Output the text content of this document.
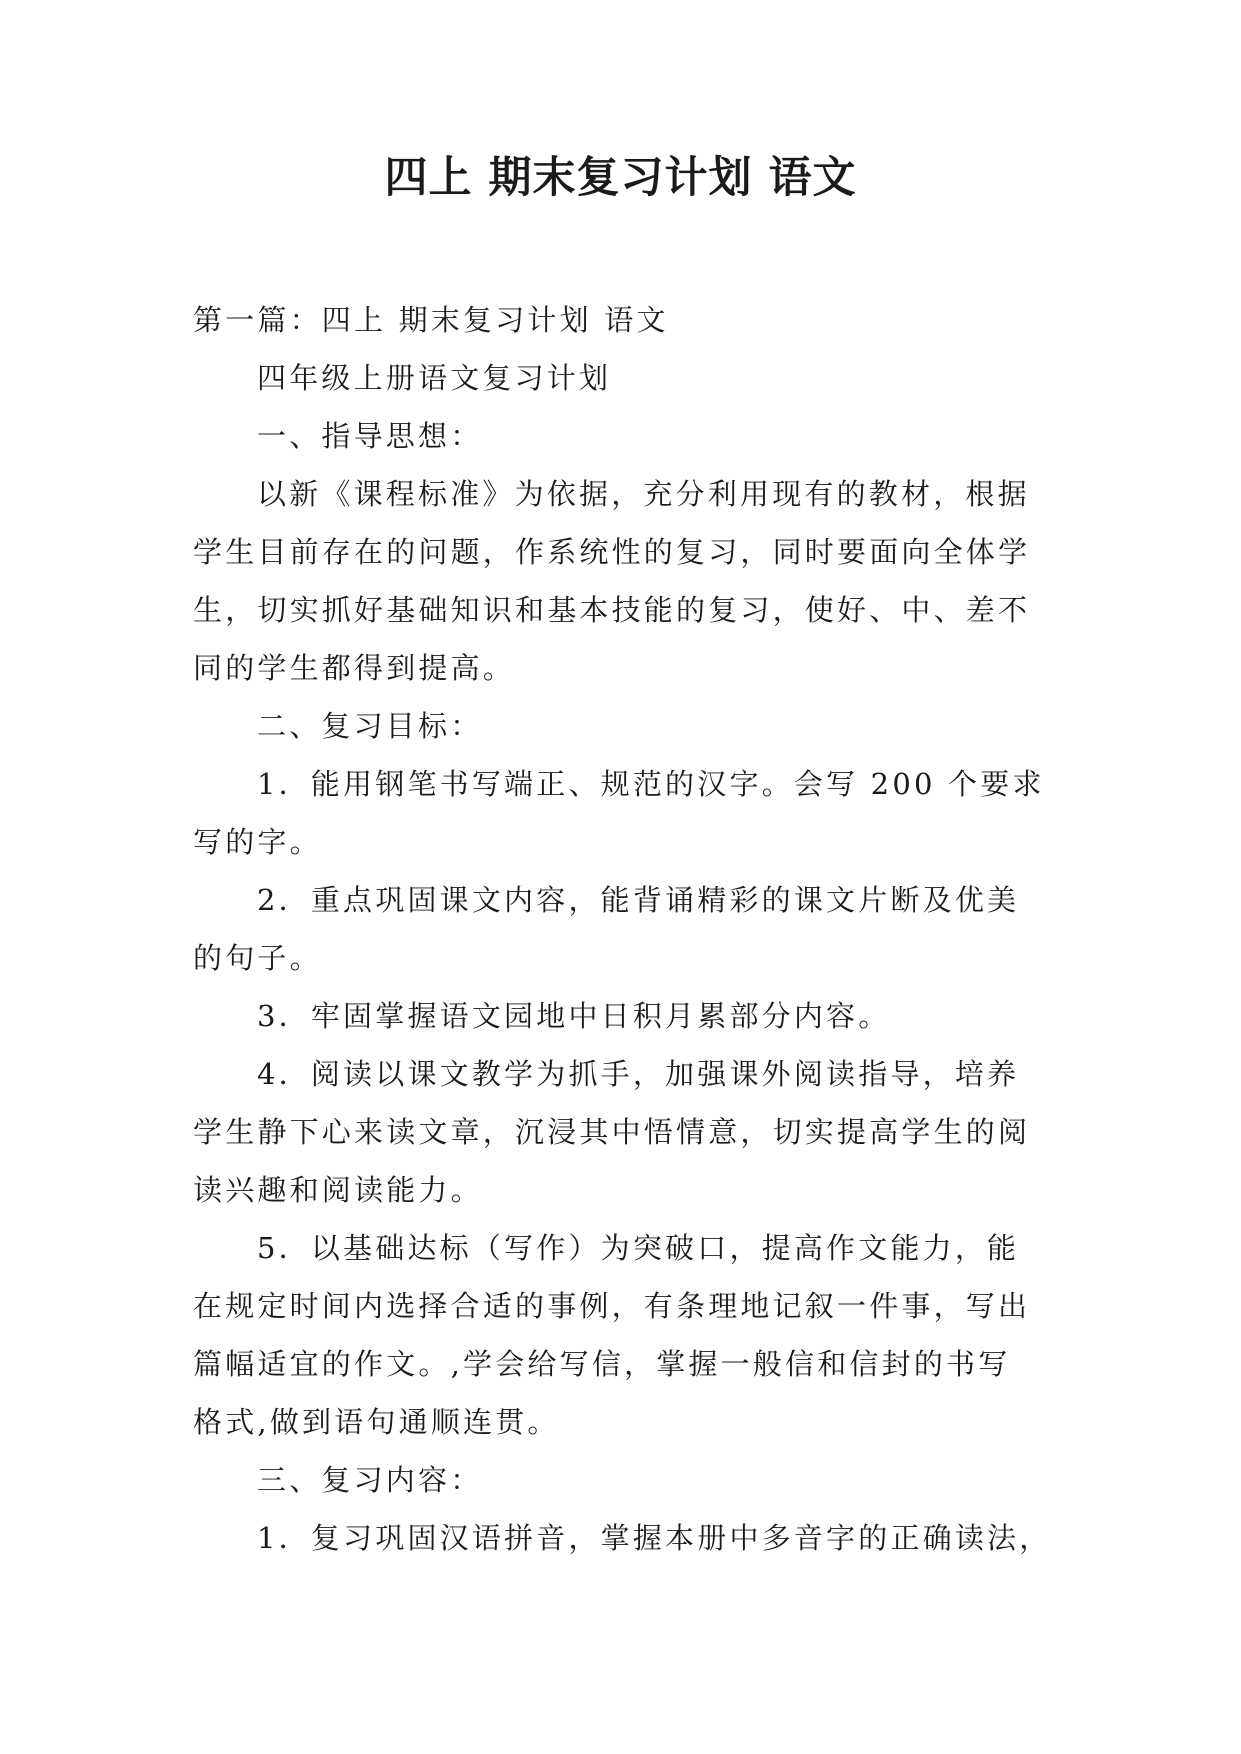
四上 期末复习计划 语文

第一篇：四上 期末复习计划 语文

四年级上册语文复习计划

一、指导思想：

以新《课程标准》为依据，充分利用现有的教材，根据

学生目前存在的问题，作系统性的复习，同时要面向全体学

生，切实抓好基础知识和基本技能的复习，使好、中、差不

同的学生都得到提高。

二、复习目标：

1．能用钢笔书写端正、规范的汉字。会写 200 个要求

写的字。

2．重点巩固课文内容，能背诵精彩的课文片断及优美

的句子。

3．牢固掌握语文园地中日积月累部分内容。

4．阅读以课文教学为抓手，加强课外阅读指导，培养

学生静下心来读文章，沉浸其中悟情意，切实提高学生的阅

读兴趣和阅读能力。

5．以基础达标（写作）为突破口，提高作文能力，能

在规定时间内选择合适的事例，有条理地记叙一件事，写出

篇幅适宜的作文。,学会给写信，掌握一般信和信封的书写

格式,做到语句通顺连贯。

三、复习内容：

1．复习巩固汉语拼音，掌握本册中多音字的正确读法，
